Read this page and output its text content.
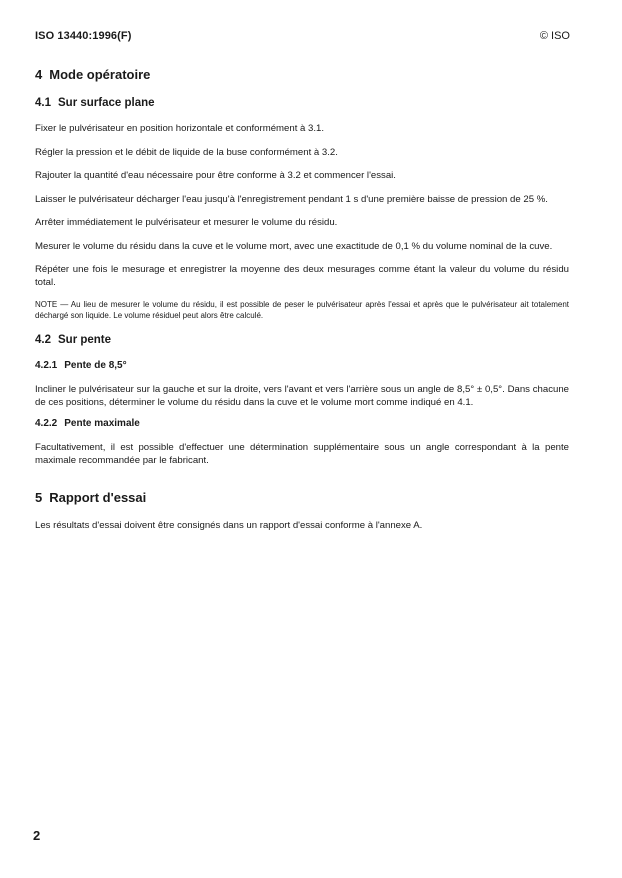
ISO 13440:1996(F)	© ISO
4 Mode opératoire
4.1 Sur surface plane

Fixer le pulvérisateur en position horizontale et conformément à 3.1.

Régler la pression et le débit de liquide de la buse conformément à 3.2.

Rajouter la quantité d'eau nécessaire pour être conforme à 3.2 et commencer l'essai.

Laisser le pulvérisateur décharger l'eau jusqu'à l'enregistrement pendant 1 s d'une première baisse de pression de 25 %.

Arrêter immédiatement le pulvérisateur et mesurer le volume du résidu.

Mesurer le volume du résidu dans la cuve et le volume mort, avec une exactitude de 0,1 % du volume nominal de la cuve.

Répéter une fois le mesurage et enregistrer la moyenne des deux mesurages comme étant la valeur du volume du résidu total.

NOTE — Au lieu de mesurer le volume du résidu, il est possible de peser le pulvérisateur après l'essai et après que le pulvérisateur ait totalement déchargé son liquide. Le volume résiduel peut alors être calculé.

4.2 Sur pente
4.2.1 Pente de 8,5°

Incliner le pulvérisateur sur la gauche et sur la droite, vers l'avant et vers l'arrière sous un angle de 8,5° ± 0,5°. Dans chacune de ces positions, déterminer le volume du résidu dans la cuve et le volume mort comme indiqué en 4.1.

4.2.2 Pente maximale

Facultativement, il est possible d'effectuer une détermination supplémentaire sous un angle correspondant à la pente maximale recommandée par le fabricant.

5 Rapport d'essai

Les résultats d'essai doivent être consignés dans un rapport d'essai conforme à l'annexe A.

2
